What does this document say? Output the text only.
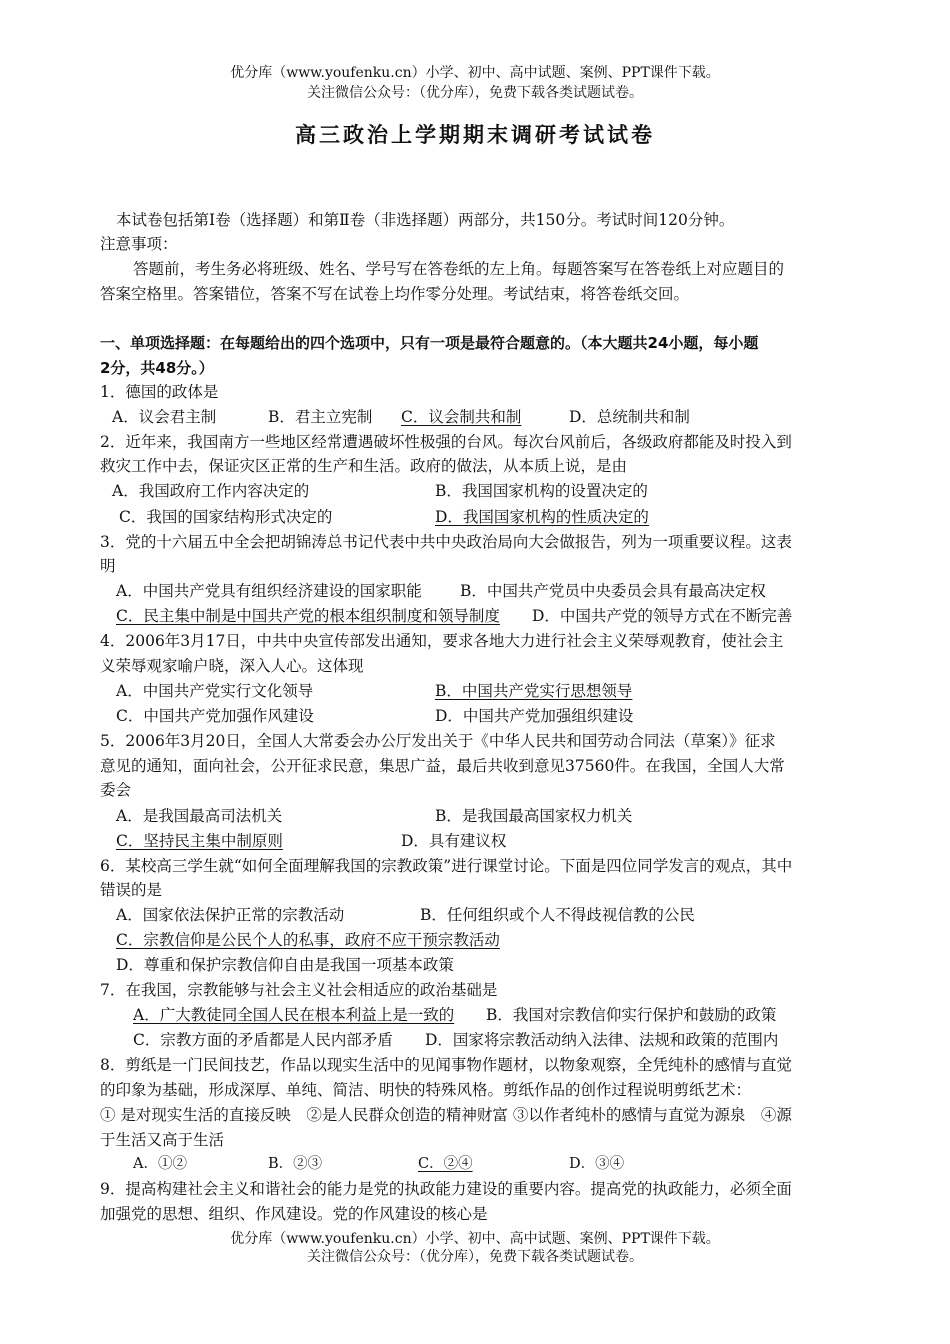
优分库（www.youfenku.cn）小学、初中、高中试题、案例、PPT课件下载。
关注微信公众号：（优分库），免费下载各类试题试卷。
高三政治上学期期末调研考试试卷
本试卷包括第Ⅰ卷（选择题）和第Ⅱ卷（非选择题）两部分，共150分。考试时间120分钟。
注意事项：
答题前，考生务必将班级、姓名、学号写在答卷纸的左上角。每题答案写在答卷纸上对应题目的
答案空格里。答案错位，答案不写在试卷上均作零分处理。考试结束，将答卷纸交回。
一、单项选择题：在每题给出的四个选项中，只有一项是最符合题意的。（本大题共24小题，每小题
2分，共48分。）
1．德国的政体是
A．议会君主制	B．君主立宪制 C．议会制共和制	D．总统制共和制
2．近年来，我国南方一些地区经常遭遇破坏性极强的台风。每次台风前后，各级政府都能及时投入到
救灾工作中去，保证灾区正常的生产和生活。政府的做法，从本质上说，是由
A．我国政府工作内容决定的	B．我国国家机构的设置决定的
C．我国的国家结构形式决定的	D．我国国家机构的性质决定的
3．党的十六届五中全会把胡锦涛总书记代表中共中央政治局向大会做报告，列为一项重要议程。这表
明
A．中国共产党具有组织经济建设的国家职能 B．中国共产党员中央委员会具有最高决定权
C．民主集中制是中国共产党的根本组织制度和领导制度 D．中国共产党的领导方式在不断完善
4．2006年3月17日，中共中央宣传部发出通知，要求各地大力进行社会主义荣辱观教育，使社会主
义荣辱观家喻户晓，深入人心。这体现
A．中国共产党实行文化领导	B．中国共产党实行思想领导
C．中国共产党加强作风建设	D．中国共产党加强组织建设
5．2006年3月20日，全国人大常委会办公厅发出关于《中华人民共和国劳动合同法（草案）》征求
意见的通知，面向社会，公开征求民意，集思广益，最后共收到意见37560件。在我国，全国人大常
委会
A．是我国最高司法机关	B．是我国最高国家权力机关
C．坚持民主集中制原则	D．具有建议权
6．某校高三学生就“如何全面理解我国的宗教政策”进行课堂讨论。下面是四位同学发言的观点，其中
错误的是
A．国家依法保护正常的宗教活动	B．任何组织或个人不得歧视信教的公民
C．宗教信仰是公民个人的私事，政府不应干预宗教活动
D．尊重和保护宗教信仰自由是我国一项基本政策
7．在我国，宗教能够与社会主义社会相适应的政治基础是
A．广大教徒同全国人民在根本利益上是一致的 B．我国对宗教信仰实行保护和鼓励的政策
C．宗教方面的矛盾都是人民内部矛盾 D．国家将宗教活动纳入法律、法规和政策的范围内
8．剪纸是一门民间技艺，作品以现实生活中的见闻事物作题材，以物象观察，全凭纯朴的感情与直觉
的印象为基础，形成深厚、单纯、简洁、明快的特殊风格。剪纸作品的创作过程说明剪纸艺术：
① 是对现实生活的直接反映　②是人民群众创造的精神财富 ③以作者纯朴的感情与直觉为源泉　④源
于生活又高于生活
A．①②	B．②③	C．②④	D．③④
9．提高构建社会主义和谐社会的能力是党的执政能力建设的重要内容。提高党的执政能力，必须全面
加强党的思想、组织、作风建设。党的作风建设的核心是
优分库（www.youfenku.cn）小学、初中、高中试题、案例、PPT课件下载。
关注微信公众号：（优分库），免费下载各类试题试卷。
